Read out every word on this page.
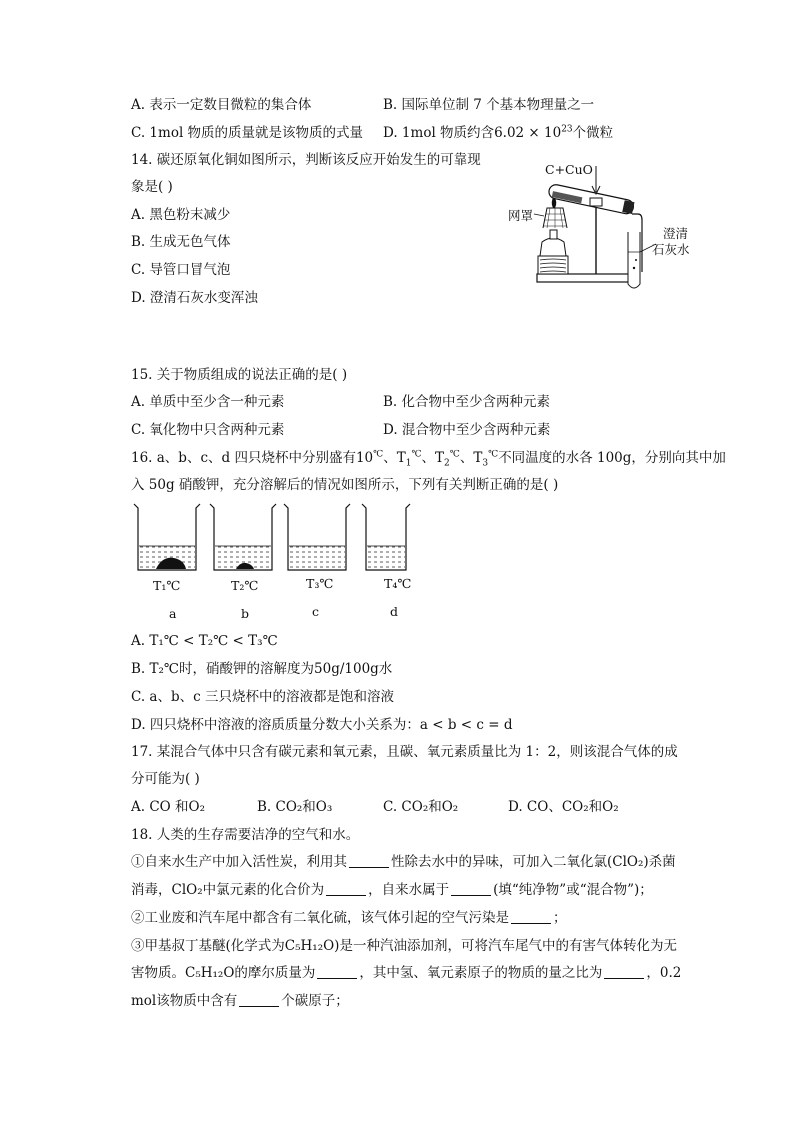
A. 表示一定数目微粒的集合体	B. 国际单位制 7 个基本物理量之一
C. 1mol 物质的质量就是该物质的式量 D. 1mol 物质约含$6.02 \times 10^{23}$个微粒
14. 碳还原氧化铜如图所示，判断该反应开始发生的可靠现
象是( )
A. 黑色粉末减少
B. 生成无色气体
C. 导管口冒气泡
D. 澄清石灰水变浑浊
C+CuO
网罩
澄清
石灰水
15. 关于物质组成的说法正确的是( )
A. 单质中至少含一种元素	B. 化合物中至少含两种元素
C. 氧化物中只含两种元素	D. 混合物中至少含两种元素
16. a、b、c、d 四只烧杯中分别盛有10℃、$T_1^℃$、$T_2^℃$、$T_3^℃$不同温度的水各 100g，分别向其中加
入 50g 硝酸钾，充分溶解后的情况如图所示，下列有关判断正确的是( )
T₁℃	T₂℃	T₃℃	T₄℃
a	b	c	d
A. T₁℃ < T₂℃ < T₃℃
B. T₂℃时，硝酸钾的溶解度为50g/100g水
C. a、b、c 三只烧杯中的溶液都是饱和溶液
D. 四只烧杯中溶液的溶质质量分数大小关系为：a < b < c = d
17. 某混合气体中只含有碳元素和氧元素，且碳、氧元素质量比为 1：2，则该混合气体的成
分可能为( )
A. CO 和O₂	B. CO₂和O₃	C. CO₂和O₂	D. CO、CO₂和O₂
18. 人类的生存需要洁净的空气和水。
①自来水生产中加入活性炭，利用其	性除去水中的异味，可加入二氧化氯(ClO₂)杀菌
消毒，ClO₂中氯元素的化合价为	，自来水属于	(填“纯净物”或“混合物”)；
②工业废和汽车尾中都含有二氧化硫，该气体引起的空气污染是	；
③甲基叔丁基醚(化学式为C₅H₁₂O)是一种汽油添加剂，可将汽车尾气中的有害气体转化为无
害物质。C₅H₁₂O的摩尔质量为	，其中氢、氧元素原子的物质的量之比为	，0.2
mol该物质中含有	个碳原子；
